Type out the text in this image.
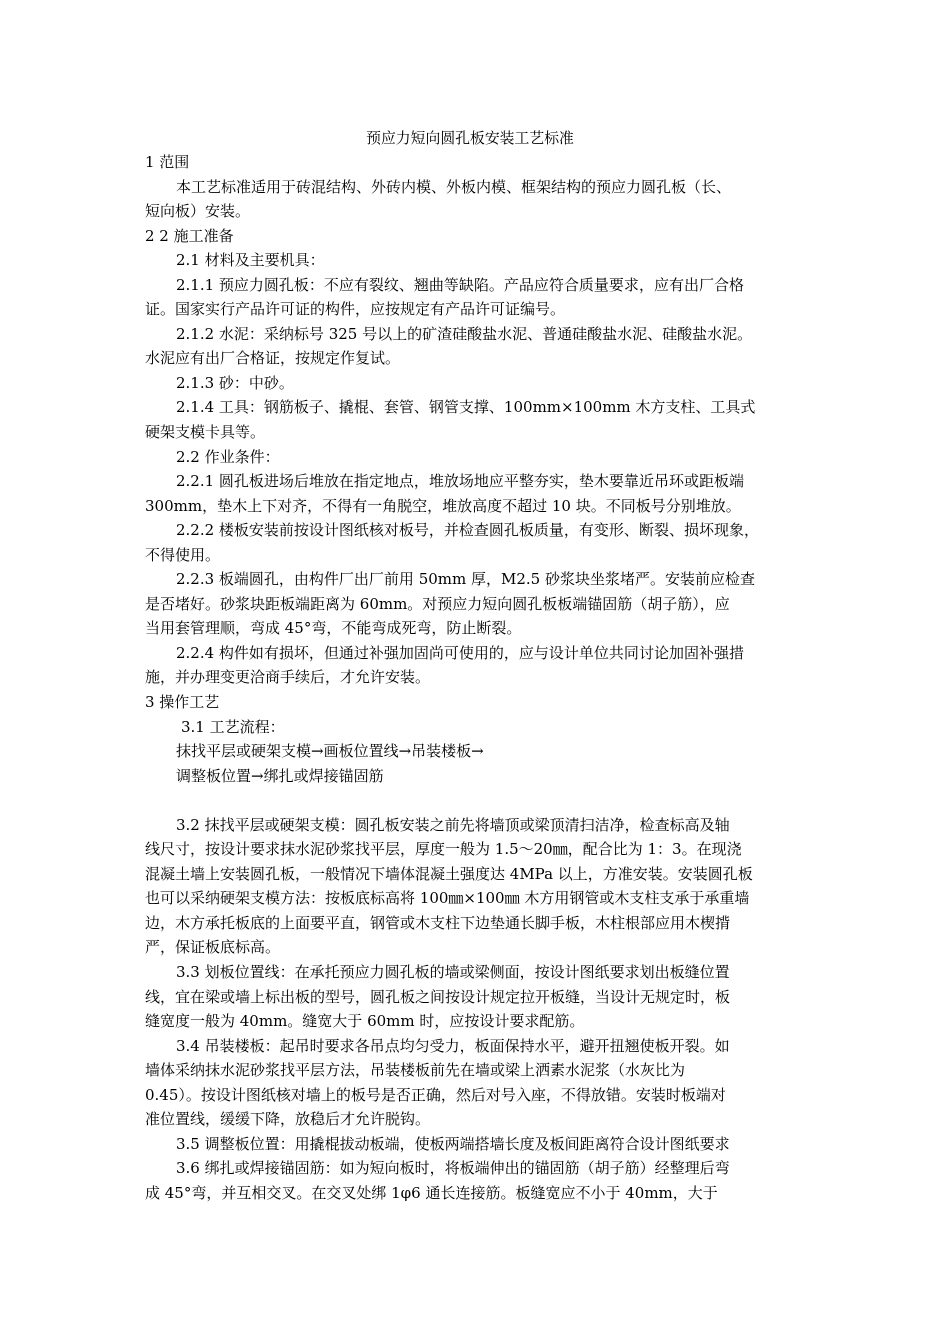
预应力短向圆孔板安装工艺标准
1 范围
本工艺标准适用于砖混结构、外砖内模、外板内模、框架结构的预应力圆孔板（长、
短向板）安装。
2 2 施工准备
2.1 材料及主要机具：
2.1.1 预应力圆孔板：不应有裂纹、翘曲等缺陷。产品应符合质量要求，应有出厂合格
证。国家实行产品许可证的构件，应按规定有产品许可证编号。
2.1.2 水泥：采纳标号 325 号以上的矿渣硅酸盐水泥、普通硅酸盐水泥、硅酸盐水泥。
水泥应有出厂合格证，按规定作复试。
2.1.3 砂：中砂。
2.1.4 工具：钢筋板子、撬棍、套管、钢管支撑、100mm×100mm 木方支柱、工具式
硬架支模卡具等。
2.2 作业条件：
2.2.1 圆孔板进场后堆放在指定地点，堆放场地应平整夯实，垫木要靠近吊环或距板端
300mm，垫木上下对齐，不得有一角脱空，堆放高度不超过 10 块。不同板号分别堆放。
2.2.2 楼板安装前按设计图纸核对板号，并检查圆孔板质量，有变形、断裂、损坏现象，
不得使用。
2.2.3 板端圆孔，由构件厂出厂前用 50mm 厚，M2.5 砂浆块坐浆堵严。安装前应检查
是否堵好。砂浆块距板端距离为 60mm。对预应力短向圆孔板板端锚固筋（胡子筋），应
当用套管理顺，弯成 45°弯，不能弯成死弯，防止断裂。
2.2.4 构件如有损坏，但通过补强加固尚可使用的，应与设计单位共同讨论加固补强措
施，并办理变更洽商手续后，才允许安装。
3 操作工艺
3.1 工艺流程：
抹找平层或硬架支模→画板位置线→吊装楼板→
调整板位置→绑扎或焊接锚固筋
3.2 抹找平层或硬架支模：圆孔板安装之前先将墙顶或梁顶清扫洁净，检查标高及轴
线尺寸，按设计要求抹水泥砂浆找平层，厚度一般为 1.5～20㎜，配合比为 1：3。在现浇
混凝土墙上安装圆孔板，一般情况下墙体混凝土强度达 4MPa 以上，方准安装。安装圆孔板
也可以采纳硬架支模方法：按板底标高将 100㎜×100㎜ 木方用钢管或木支柱支承于承重墙
边，木方承托板底的上面要平直，钢管或木支柱下边垫通长脚手板，木柱根部应用木楔揹
严，保证板底标高。
3.3 划板位置线：在承托预应力圆孔板的墙或梁侧面，按设计图纸要求划出板缝位置
线，宜在梁或墙上标出板的型号，圆孔板之间按设计规定拉开板缝，当设计无规定时，板
缝宽度一般为 40mm。缝宽大于 60mm 时，应按设计要求配筋。
3.4 吊装楼板：起吊时要求各吊点均匀受力，板面保持水平，避开扭翘使板开裂。如
墙体采纳抹水泥砂浆找平层方法，吊装楼板前先在墙或梁上洒素水泥浆（水灰比为
0.45）。按设计图纸核对墙上的板号是否正确，然后对号入座，不得放错。安装时板端对
准位置线，缓缓下降，放稳后才允许脱钩。
3.5 调整板位置：用撬棍拔动板端，使板两端搭墙长度及板间距离符合设计图纸要求
3.6 绑扎或焊接锚固筋：如为短向板时，将板端伸出的锚固筋（胡子筋）经整理后弯
成 45°弯，并互相交叉。在交叉处绑 1φ6 通长连接筋。板缝宽应不小于 40mm，大于
